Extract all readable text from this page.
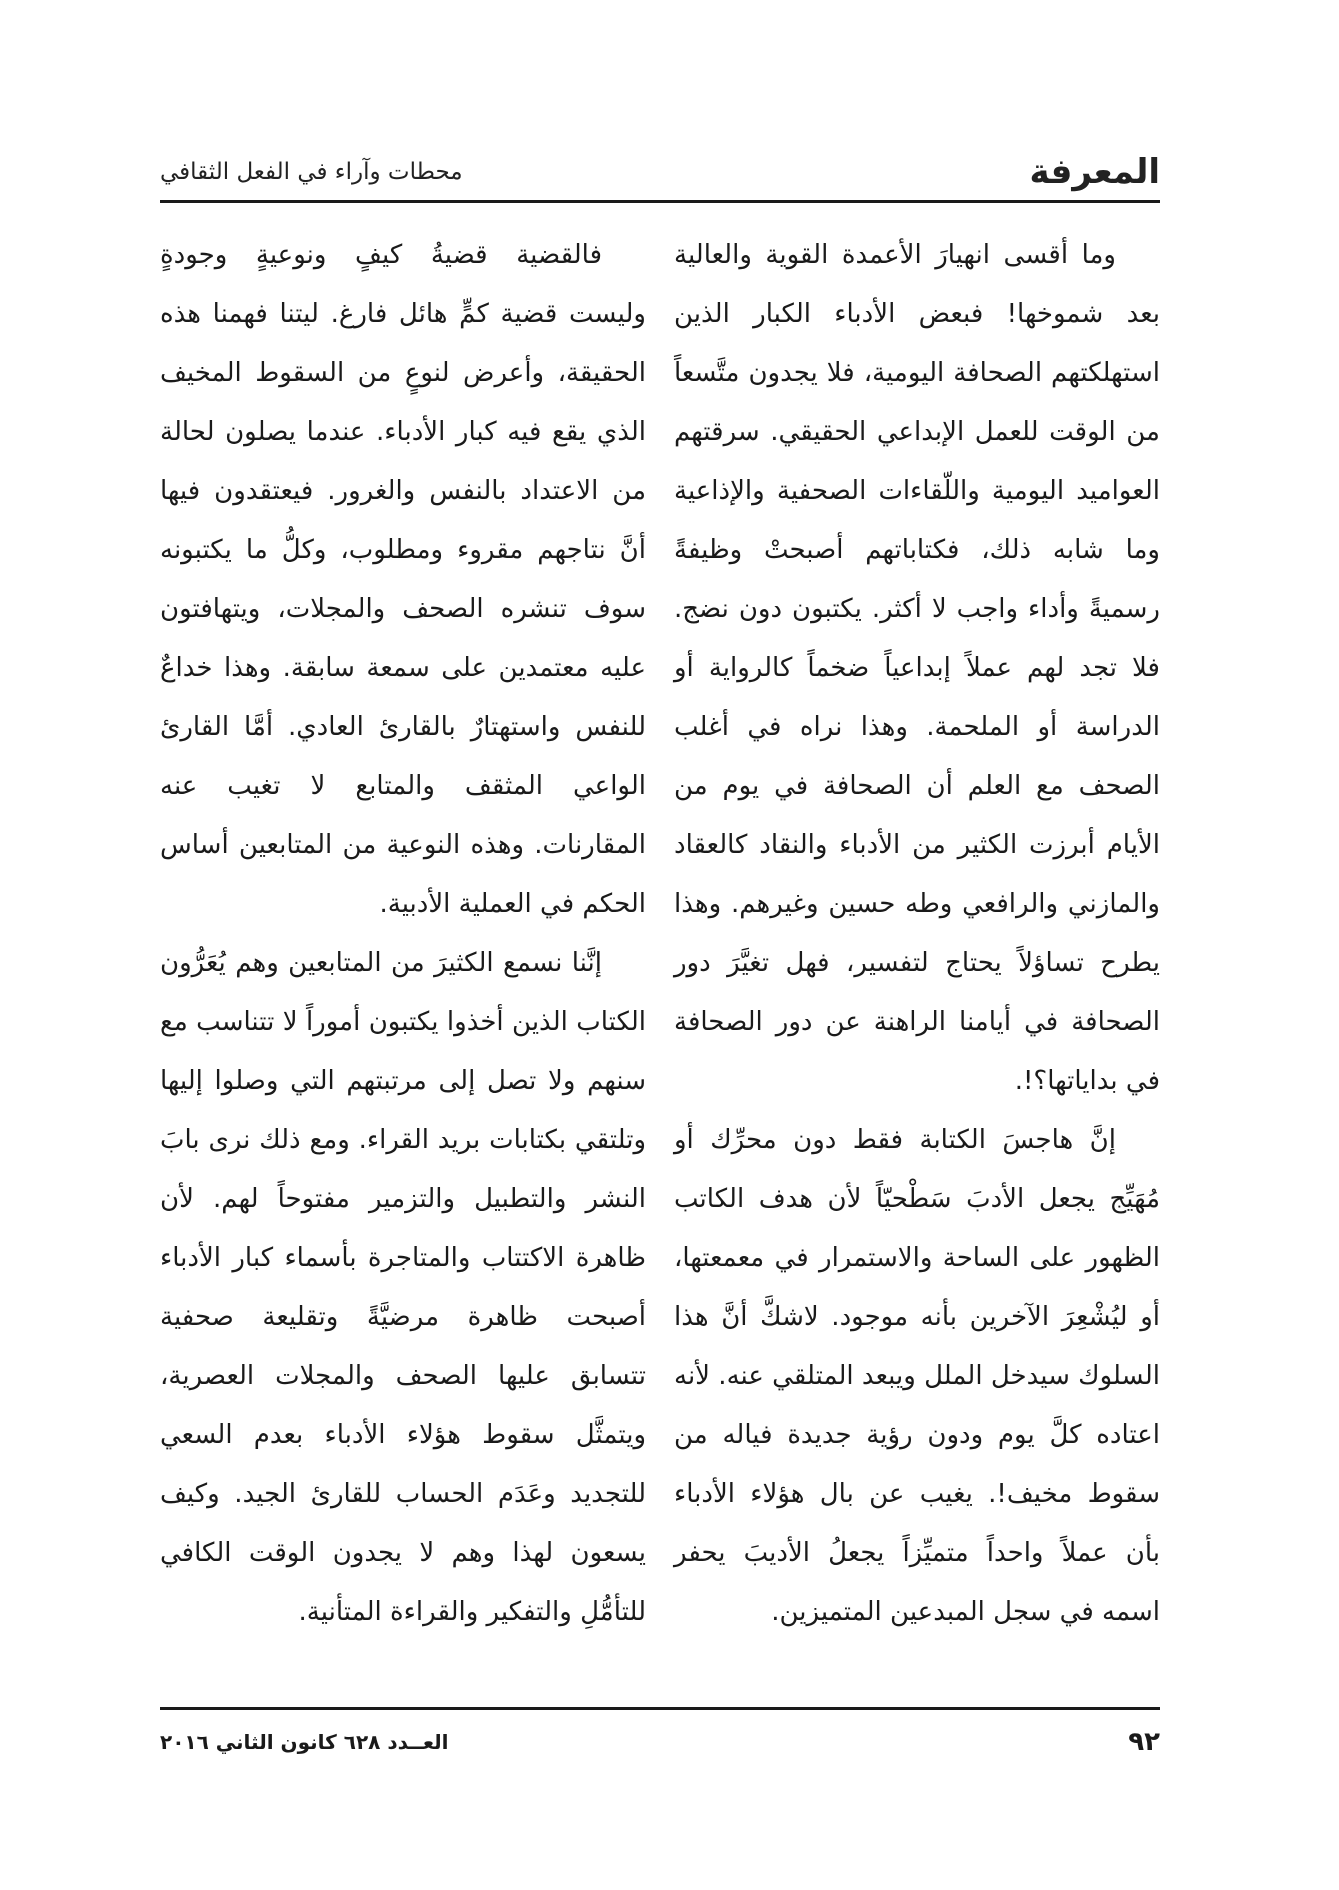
المعرفة
محطات وآراء في الفعل الثقافي

وما أقسى انهيارَ الأعمدة القوية والعالية بعد شموخها! فبعض الأدباء الكبار الذين استهلكتهم الصحافة اليومية، فلا يجدون متَّسعاً من الوقت للعمل الإبداعي الحقيقي. سرقتهم العواميد اليومية واللّقاءات الصحفية والإذاعية وما شابه ذلك، فكتاباتهم أصبحتْ وظيفةً رسميةً وأداء واجب لا أكثر. يكتبون دون نضج. فلا تجد لهم عملاً إبداعياً ضخماً كالرواية أو الدراسة أو الملحمة. وهذا نراه في أغلب الصحف مع العلم أن الصحافة في يوم من الأيام أبرزت الكثير من الأدباء والنقاد كالعقاد والمازني والرافعي وطه حسين وغيرهم. وهذا يطرح تساؤلاً يحتاج لتفسير، فهل تغيَّرَ دور الصحافة في أيامنا الراهنة عن دور الصحافة في بداياتها؟!.

إنَّ هاجسَ الكتابة فقط دون محرِّك أو مُهَيِّج يجعل الأدبَ سَطْحيّاً لأن هدف الكاتب الظهور على الساحة والاستمرار في معمعتها، أو ليُشْعِرَ الآخرين بأنه موجود. لاشكَّ أنَّ هذا السلوك سيدخل الملل ويبعد المتلقي عنه. لأنه اعتاده كلَّ يوم ودون رؤية جديدة فياله من سقوط مخيف!. يغيب عن بال هؤلاء الأدباء بأن عملاً واحداً متميِّزاً يجعلُ الأديبَ يحفر اسمه في سجل المبدعين المتميزين.

فالقضية قضيةُ كيفٍ ونوعيةٍ وجودةٍ وليست قضية كمٍّ هائل فارغ. ليتنا فهمنا هذه الحقيقة، وأعرض لنوعٍ من السقوط المخيف الذي يقع فيه كبار الأدباء. عندما يصلون لحالة من الاعتداد بالنفس والغرور. فيعتقدون فيها أنَّ نتاجهم مقروء ومطلوب، وكلُّ ما يكتبونه سوف تنشره الصحف والمجلات، ويتهافتون عليه معتمدين على سمعة سابقة. وهذا خداعٌ للنفس واستهتارٌ بالقارئ العادي. أمَّا القارئ الواعي المثقف والمتابع لا تغيب عنه المقارنات. وهذه النوعية من المتابعين أساس الحكم في العملية الأدبية.

إنَّنا نسمع الكثيرَ من المتابعين وهم يُعَرُّون الكتاب الذين أخذوا يكتبون أموراً لا تتناسب مع سنهم ولا تصل إلى مرتبتهم التي وصلوا إليها وتلتقي بكتابات بريد القراء. ومع ذلك نرى بابَ النشر والتطبيل والتزمير مفتوحاً لهم. لأن ظاهرة الاكتتاب والمتاجرة بأسماء كبار الأدباء أصبحت ظاهرة مرضيَّةً وتقليعة صحفية تتسابق عليها الصحف والمجلات العصرية، ويتمثَّل سقوط هؤلاء الأدباء بعدم السعي للتجديد وعَدَم الحساب للقارئ الجيد. وكيف يسعون لهذا وهم لا يجدون الوقت الكافي للتأمُّلِ والتفكير والقراءة المتأنية.

٩٢
العــدد ٦٢٨ كانون الثاني ٢٠١٦
